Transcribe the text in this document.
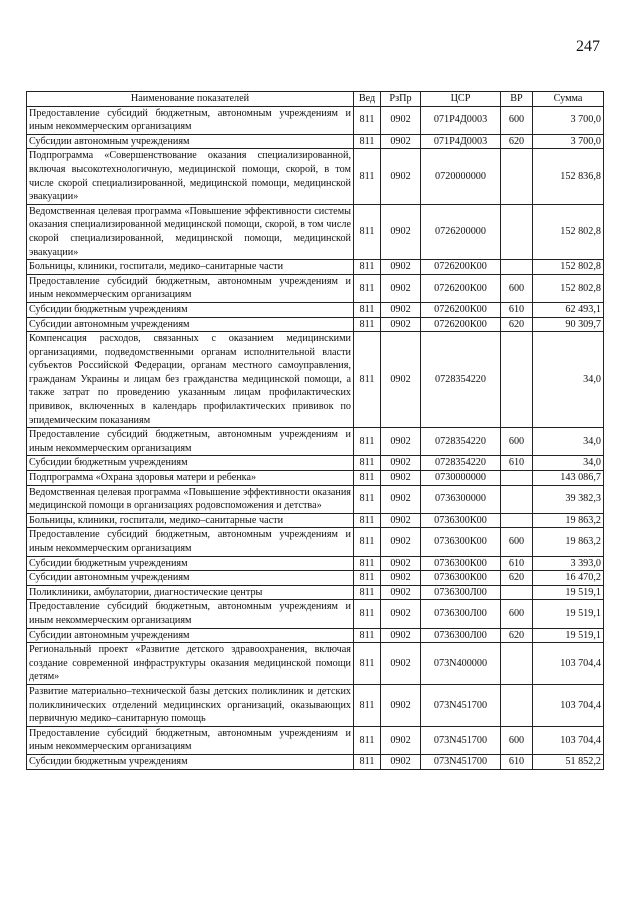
247
Наименование показателей	Вед	РзПр	ЦСР	ВР	Сумма
Предоставление субсидий бюджетным, автономным учреждениям и иным некоммерческим организациям	811	0902	071Р4Д0003	600	3 700,0
Субсидии автономным учреждениям	811	0902	071Р4Д0003	620	3 700,0
Подпрограмма «Совершенствование оказания специализированной, включая высокотехнологичную, медицинской помощи, скорой, в том числе скорой специализированной, медицинской помощи, медицинской эвакуации»	811	0902	0720000000		152 836,8
Ведомственная целевая программа «Повышение эффективности системы оказания специализированной медицинской помощи, скорой, в том числе скорой специализированной, медицинской помощи, медицинской эвакуации»	811	0902	0726200000		152 802,8
Больницы, клиники, госпитали, медико–санитарные части	811	0902	0726200К00		152 802,8
Предоставление субсидий бюджетным, автономным учреждениям и иным некоммерческим организациям	811	0902	0726200К00	600	152 802,8
Субсидии бюджетным учреждениям	811	0902	0726200К00	610	62 493,1
Субсидии автономным учреждениям	811	0902	0726200К00	620	90 309,7
Компенсация расходов, связанных с оказанием медицинскими организациями, подведомственными органам исполнительной власти субъектов Российской Федерации, органам местного самоуправления, гражданам Украины и лицам без гражданства медицинской помощи, а также затрат по проведению указанным лицам профилактических прививок, включенных в календарь профилактических прививок по эпидемическим показаниям	811	0902	0728354220		34,0
Предоставление субсидий бюджетным, автономным учреждениям и иным некоммерческим организациям	811	0902	0728354220	600	34,0
Субсидии бюджетным учреждениям	811	0902	0728354220	610	34,0
Подпрограмма «Охрана здоровья матери и ребенка»	811	0902	0730000000		143 086,7
Ведомственная целевая программа «Повышение эффективности оказания медицинской помощи в организациях родовспоможения и детства»	811	0902	0736300000		39 382,3
Больницы, клиники, госпитали, медико–санитарные части	811	0902	0736300К00		19 863,2
Предоставление субсидий бюджетным, автономным учреждениям и иным некоммерческим организациям	811	0902	0736300К00	600	19 863,2
Субсидии бюджетным учреждениям	811	0902	0736300К00	610	3 393,0
Субсидии автономным учреждениям	811	0902	0736300К00	620	16 470,2
Поликлиники, амбулатории, диагностические центры	811	0902	0736300Л00		19 519,1
Предоставление субсидий бюджетным, автономным учреждениям и иным некоммерческим организациям	811	0902	0736300Л00	600	19 519,1
Субсидии автономным учреждениям	811	0902	0736300Л00	620	19 519,1
Региональный проект «Развитие детского здравоохранения, включая создание современной инфраструктуры оказания медицинской помощи детям»	811	0902	073N400000		103 704,4
Развитие материально–технической базы детских поликлиник и детских поликлинических отделений медицинских организаций, оказывающих первичную медико–санитарную помощь	811	0902	073N451700		103 704,4
Предоставление субсидий бюджетным, автономным учреждениям и иным некоммерческим организациям	811	0902	073N451700	600	103 704,4
Субсидии бюджетным учреждениям	811	0902	073N451700	610	51 852,2
